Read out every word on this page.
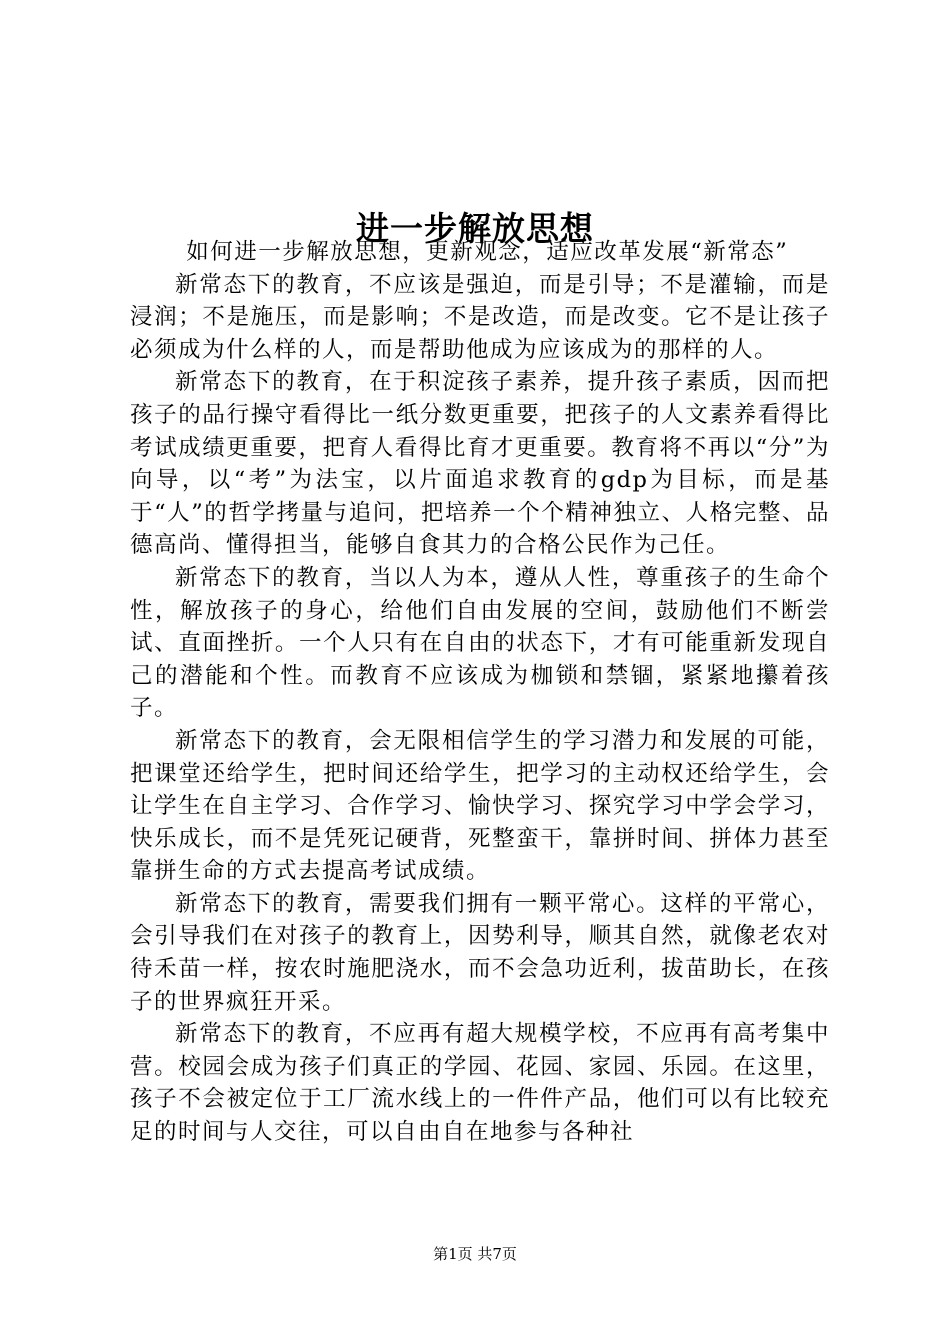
进一步解放思想

如何进一步解放思想，更新观念，适应改革发展“新常态”

新常态下的教育，不应该是强迫，而是引导；不是灌输，而是浸润；不是施压，而是影响；不是改造，而是改变。它不是让孩子必须成为什么样的人，而是帮助他成为应该成为的那样的人。

新常态下的教育，在于积淀孩子素养，提升孩子素质，因而把孩子的品行操守看得比一纸分数更重要，把孩子的人文素养看得比考试成绩更重要，把育人看得比育才更重要。教育将不再以“分”为向导，以“考”为法宝，以片面追求教育的gdp为目标，而是基于“人”的哲学拷量与追问，把培养一个个精神独立、人格完整、品德高尚、懂得担当，能够自食其力的合格公民作为己任。

新常态下的教育，当以人为本，遵从人性，尊重孩子的生命个性，解放孩子的身心，给他们自由发展的空间，鼓励他们不断尝试、直面挫折。一个人只有在自由的状态下，才有可能重新发现自己的潜能和个性。而教育不应该成为枷锁和禁锢，紧紧地攥着孩子。

新常态下的教育，会无限相信学生的学习潜力和发展的可能，把课堂还给学生，把时间还给学生，把学习的主动权还给学生，会让学生在自主学习、合作学习、愉快学习、探究学习中学会学习，快乐成长，而不是凭死记硬背，死整蛮干，靠拼时间、拼体力甚至靠拼生命的方式去提高考试成绩。

新常态下的教育，需要我们拥有一颗平常心。这样的平常心，会引导我们在对孩子的教育上，因势利导，顺其自然，就像老农对待禾苗一样，按农时施肥浇水，而不会急功近利，拔苗助长，在孩子的世界疯狂开采。

新常态下的教育，不应再有超大规模学校，不应再有高考集中营。校园会成为孩子们真正的学园、花园、家园、乐园。在这里，孩子不会被定位于工厂流水线上的一件件产品，他们可以有比较充足的时间与人交往，可以自由自在地参与各种社

第1页 共7页
